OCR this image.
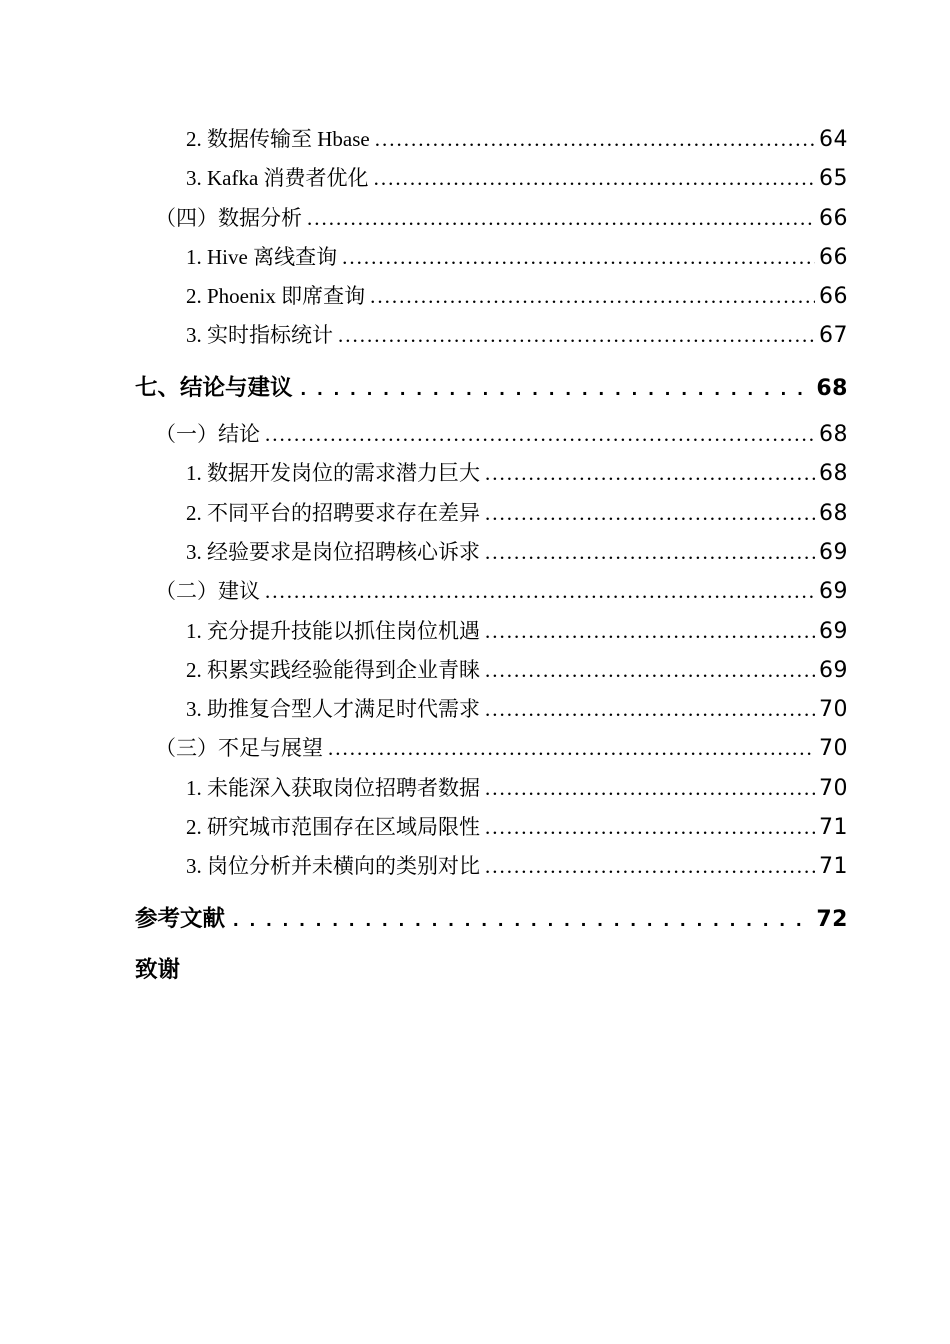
2. 数据传输至 Hbase .....	64
3. Kafka 消费者优化 .....	65
（四）数据分析 .....	66
1. Hive 离线查询 .....	66
2. Phoenix 即席查询 .....	66
3. 实时指标统计 .....	67
七、结论与建议 .....	68
（一）结论 .....	68
1. 数据开发岗位的需求潜力巨大 .....	68
2. 不同平台的招聘要求存在差异 .....	68
3. 经验要求是岗位招聘核心诉求 .....	69
（二）建议 .....	69
1. 充分提升技能以抓住岗位机遇 .....	69
2. 积累实践经验能得到企业青睐 .....	69
3. 助推复合型人才满足时代需求 .....	70
（三）不足与展望 .....	70
1. 未能深入获取岗位招聘者数据 .....	70
2. 研究城市范围存在区域局限性 .....	71
3. 岗位分析并未横向的类别对比 .....	71
参考文献 .....	72
致谢
